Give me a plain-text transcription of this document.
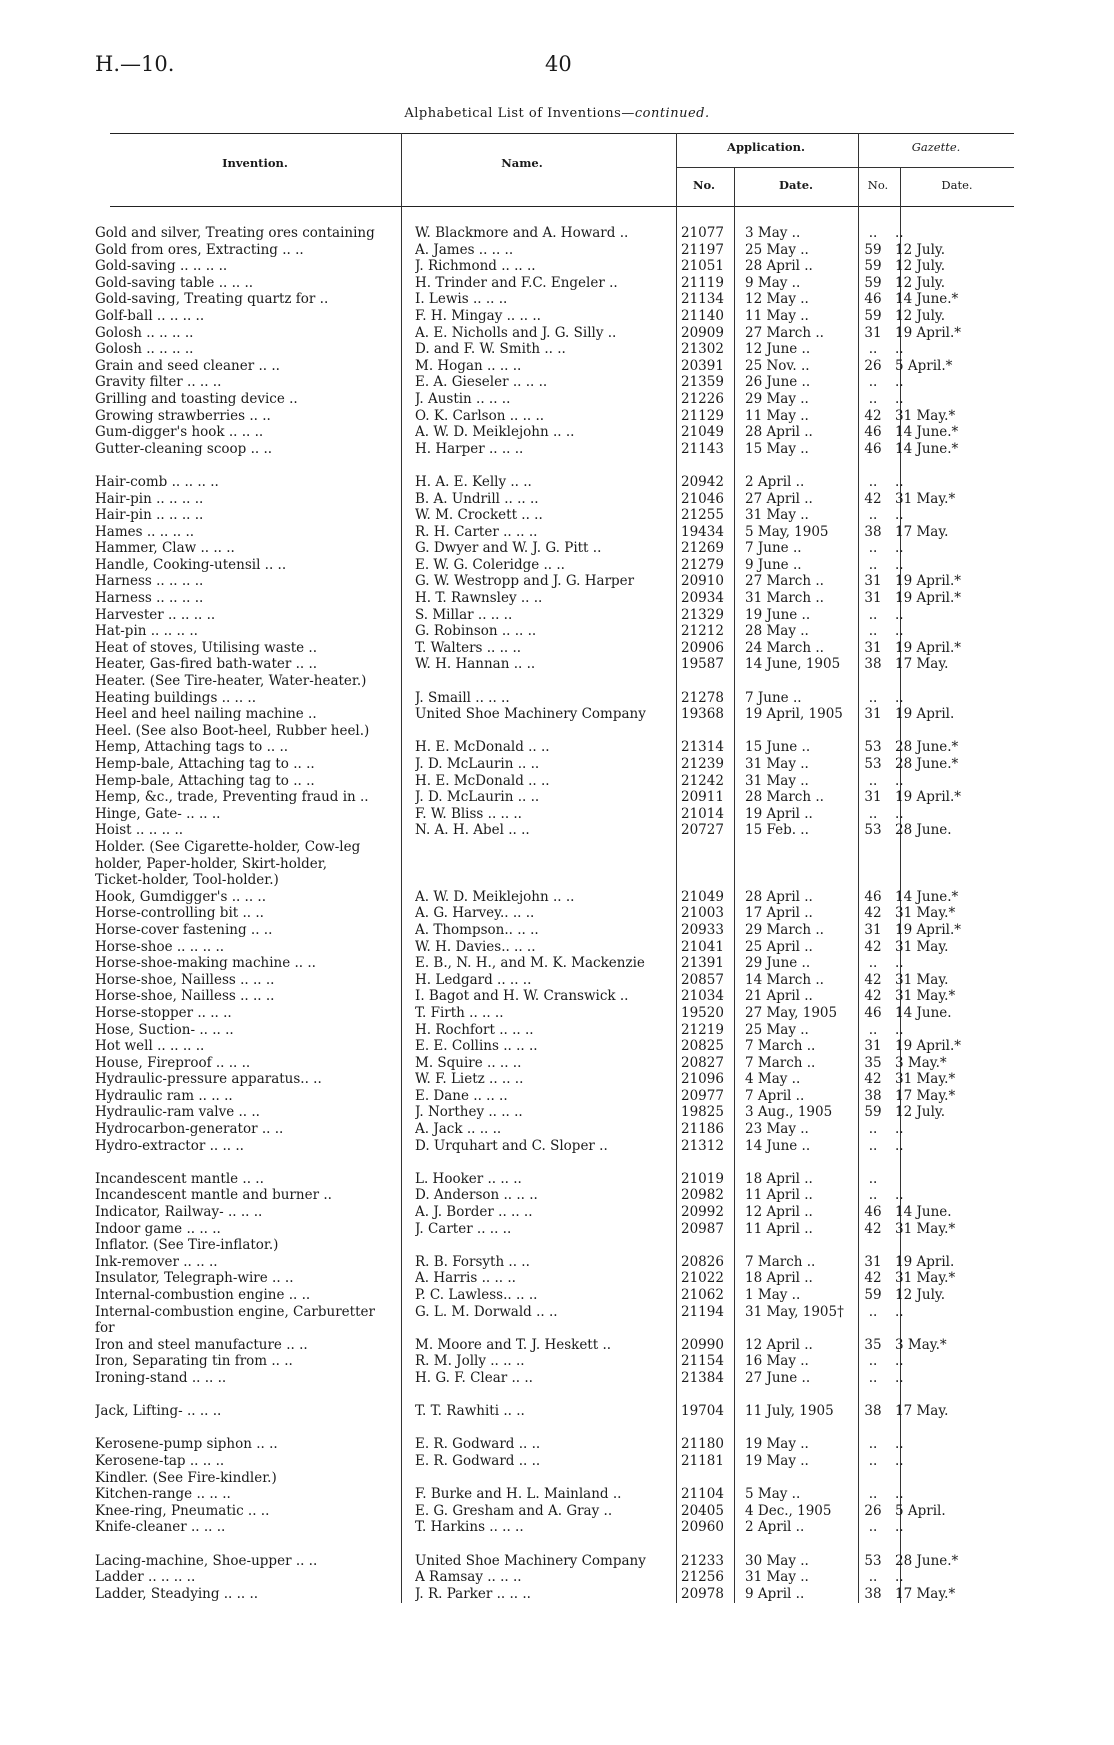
H.—10.	40
Alphabetical List of Inventions—continued.
Invention.	Name.
Application.	Gazette.
No.	Date.	No.	Date.
Gold and silver, Treating ores containing	W. Blackmore and A. Howard ..	21077	3 May ..	..	..
Gold from ores, Extracting .. ..	A. James .. .. ..	21197	25 May ..	59 12 July.
Gold-saving .. .. .. ..	J. Richmond .. .. ..	21051	28 April ..	59 12 July.
Gold-saving table .. .. ..	H. Trinder and F.C. Engeler ..	21119	9 May ..	59 12 July.
Gold-saving, Treating quartz for ..	I. Lewis .. .. ..	21134	12 May ..	46 14 June.*
Golf-ball .. .. .. ..	F. H. Mingay .. .. ..	21140	11 May ..	59 12 July.
Golosh .. .. .. ..	A. E. Nicholls and J. G. Silly ..	20909	27 March ..	31 19 April.*
Golosh .. .. .. ..	D. and F. W. Smith .. ..	21302	12 June ..	..	..
Grain and seed cleaner .. ..	M. Hogan .. .. ..	20391	25 Nov. ..	26 5 April.*
Gravity filter .. .. ..	E. A. Gieseler .. .. ..	21359	26 June ..	..	..
Grilling and toasting device ..	J. Austin .. .. ..	21226	29 May ..	..	..
Growing strawberries .. ..	O. K. Carlson .. .. ..	21129	11 May ..	42 31 May.*
Gum-digger's hook .. .. ..	A. W. D. Meiklejohn .. ..	21049	28 April ..	46 14 June.*
Gutter-cleaning scoop .. ..	H. Harper .. .. ..	21143	15 May ..	46 14 June.*
Hair-comb .. .. .. ..	H. A. E. Kelly .. ..	20942	2 April ..	..	..
Hair-pin .. .. .. ..	B. A. Undrill .. .. ..	21046	27 April ..	42 31 May.*
Hair-pin .. .. .. ..	W. M. Crockett .. ..	21255	31 May ..	..	..
Hames .. .. .. ..	R. H. Carter .. .. ..	19434	5 May, 1905	38 17 May.
Hammer, Claw .. .. ..	G. Dwyer and W. J. G. Pitt ..	21269	7 June ..	..	..
Handle, Cooking-utensil .. ..	E. W. G. Coleridge .. ..	21279	9 June ..	..	..
Harness .. .. .. ..	G. W. Westropp and J. G. Harper	20910	27 March ..	31 19 April.*
Harness .. .. .. ..	H. T. Rawnsley .. ..	20934	31 March ..	31 19 April.*
Harvester .. .. .. ..	S. Millar .. .. ..	21329	19 June ..	..	..
Hat-pin .. .. .. ..	G. Robinson .. .. ..	21212	28 May ..	..	..
Heat of stoves, Utilising waste ..	T. Walters .. .. ..	20906	24 March ..	31 19 April.*
Heater, Gas-fired bath-water .. ..	W. H. Hannan .. ..	19587	14 June, 1905	38 17 May.
Heater. (See Tire-heater, Water-heater.)
Heating buildings .. .. ..	J. Smaill .. .. ..	21278	7 June ..	..	..
Heel and heel nailing machine ..	United Shoe Machinery Company	19368	19 April, 1905	31 19 April.
Heel. (See also Boot-heel, Rubber heel.)
Hemp, Attaching tags to .. ..	H. E. McDonald .. ..	21314	15 June ..	53 28 June.*
Hemp-bale, Attaching tag to .. ..	J. D. McLaurin .. ..	21239	31 May ..	53 28 June.*
Hemp-bale, Attaching tag to .. ..	H. E. McDonald .. ..	21242	31 May ..	..	..
Hemp, &c., trade, Preventing fraud in ..	J. D. McLaurin .. ..	20911	28 March ..	31 19 April.*
Hinge, Gate- .. .. ..	F. W. Bliss .. .. ..	21014	19 April ..	..	..
Hoist .. .. .. ..	N. A. H. Abel .. ..	20727	15 Feb. ..	53 28 June.
Holder. (See Cigarette-holder, Cow-leg
holder, Paper-holder, Skirt-holder,
Ticket-holder, Tool-holder.)
Hook, Gumdigger's .. .. ..	A. W. D. Meiklejohn .. ..	21049	28 April ..	46 14 June.*
Horse-controlling bit .. ..	A. G. Harvey.. .. ..	21003	17 April ..	42 31 May.*
Horse-cover fastening .. ..	A. Thompson.. .. ..	20933	29 March ..	31 19 April.*
Horse-shoe .. .. .. ..	W. H. Davies.. .. ..	21041	25 April ..	42 31 May.
Horse-shoe-making machine .. ..	E. B., N. H., and M. K. Mackenzie	21391	29 June ..	..	..
Horse-shoe, Nailless .. .. ..	H. Ledgard .. .. ..	20857	14 March ..	42 31 May.
Horse-shoe, Nailless .. .. ..	I. Bagot and H. W. Cranswick ..	21034	21 April ..	42 31 May.*
Horse-stopper .. .. ..	T. Firth .. .. ..	19520	27 May, 1905	46 14 June.
Hose, Suction- .. .. ..	H. Rochfort .. .. ..	21219	25 May ..	..	..
Hot well .. .. .. ..	E. E. Collins .. .. ..	20825	7 March ..	31 19 April.*
House, Fireproof .. .. ..	M. Squire .. .. ..	20827	7 March ..	35 3 May.*
Hydraulic-pressure apparatus.. ..	W. F. Lietz .. .. ..	21096	4 May ..	42 31 May.*
Hydraulic ram .. .. ..	E. Dane .. .. ..	20977	7 April ..	38 17 May.*
Hydraulic-ram valve .. ..	J. Northey .. .. ..	19825	3 Aug., 1905	59 12 July.
Hydrocarbon-generator .. ..	A. Jack .. .. ..	21186	23 May ..	..	..
Hydro-extractor .. .. ..	D. Urquhart and C. Sloper ..	21312	14 June ..	..	..
Incandescent mantle .. ..	L. Hooker .. .. ..	21019	18 April ..	..
Incandescent mantle and burner ..	D. Anderson .. .. ..	20982	11 April ..	..	..
Indicator, Railway- .. .. ..	A. J. Border .. .. ..	20992	12 April ..	46 14 June.
Indoor game .. .. ..	J. Carter .. .. ..	20987	11 April ..	42 31 May.*
Inflator. (See Tire-inflator.)
Ink-remover .. .. ..	R. B. Forsyth .. ..	20826	7 March ..	31 19 April.
Insulator, Telegraph-wire .. ..	A. Harris .. .. ..	21022	18 April ..	42 31 May.*
Internal-combustion engine .. ..	P. C. Lawless.. .. ..	21062	1 May ..	59 12 July.
Internal-combustion engine, Carburetter	G. L. M. Dorwald .. ..	21194	31 May, 1905†	..	..
for
Iron and steel manufacture .. ..	M. Moore and T. J. Heskett ..	20990	12 April ..	35 3 May.*
Iron, Separating tin from .. ..	R. M. Jolly .. .. ..	21154	16 May ..	..	..
Ironing-stand .. .. ..	H. G. F. Clear .. ..	21384	27 June ..	..	..
Jack, Lifting- .. .. ..	T. T. Rawhiti .. ..	19704	11 July, 1905	38 17 May.
Kerosene-pump siphon .. ..	E. R. Godward .. ..	21180	19 May ..	..	..
Kerosene-tap .. .. ..	E. R. Godward .. ..	21181	19 May ..	..	..
Kindler. (See Fire-kindler.)
Kitchen-range .. .. ..	F. Burke and H. L. Mainland ..	21104	5 May ..	..	..
Knee-ring, Pneumatic .. ..	E. G. Gresham and A. Gray ..	20405	4 Dec., 1905	26 5 April.
Knife-cleaner .. .. ..	T. Harkins .. .. ..	20960	2 April ..	..	..
Lacing-machine, Shoe-upper .. ..	United Shoe Machinery Company	21233	30 May ..	53 28 June.*
Ladder .. .. .. ..	A Ramsay .. .. ..	21256	31 May ..	..	..
Ladder, Steadying .. .. ..	J. R. Parker .. .. ..	20978	9 April ..	38 17 May.*
